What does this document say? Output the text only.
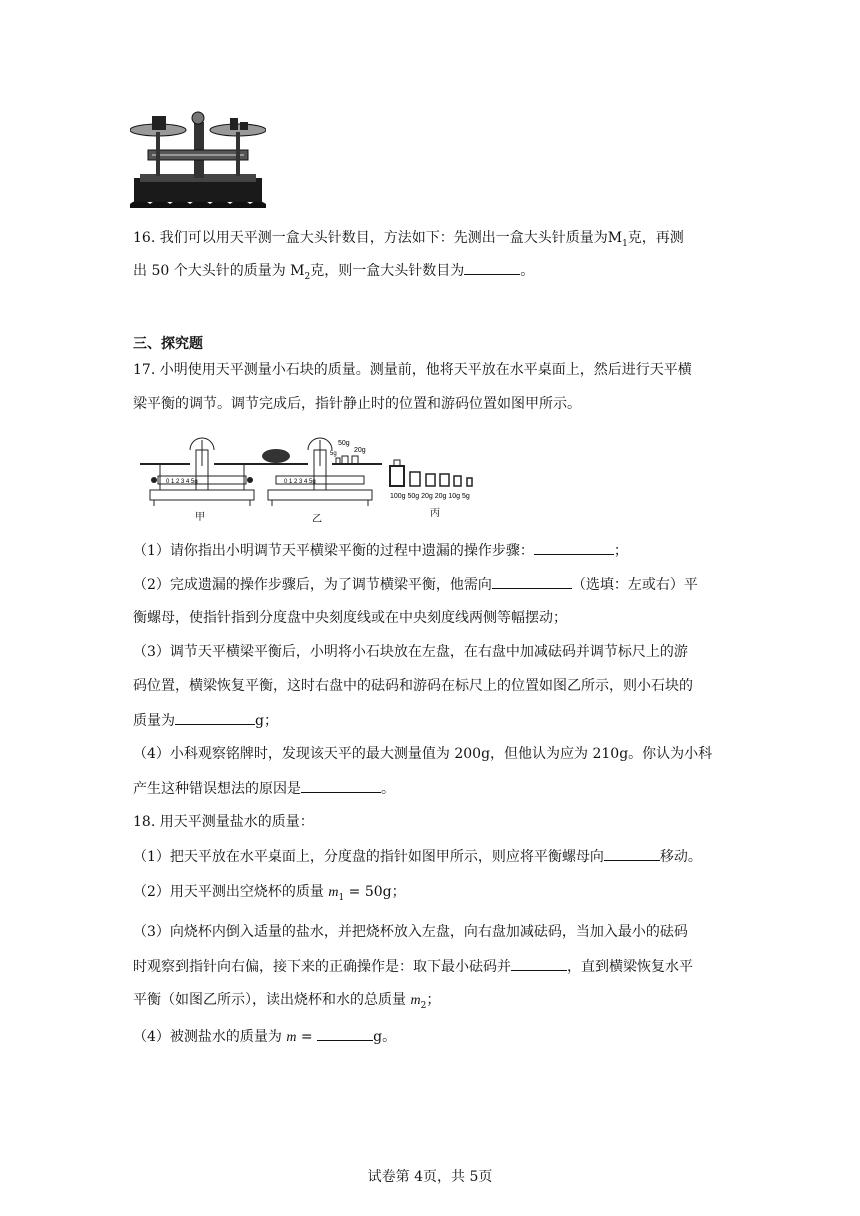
16. 我们可以用天平测一盒大头针数目，方法如下：先测出一盒大头针质量为$M_1$克，再测
出 50 个大头针的质量为 $M_2$克，则一盒大头针数目为	。
三、探究题
17. 小明使用天平测量小石块的质量。测量前，他将天平放在水平桌面上，然后进行天平横
梁平衡的调节。调节完成后，指针静止时的位置和游码位置如图甲所示。
0 1 2 3 4 5g
甲
0 1 2 3 4 5g
50g
20g
5g
乙
100g 50g 20g 20g 10g 5g
丙
（1）请你指出小明调节天平横梁平衡的过程中遗漏的操作步骤：	；
（2）完成遗漏的操作步骤后，为了调节横梁平衡，他需向	（选填：左或右）平
衡螺母，使指针指到分度盘中央刻度线或在中央刻度线两侧等幅摆动；
（3）调节天平横梁平衡后，小明将小石块放在左盘，在右盘中加减砝码并调节标尺上的游
码位置，横梁恢复平衡，这时右盘中的砝码和游码在标尺上的位置如图乙所示，则小石块的
质量为	g；
（4）小科观察铭牌时，发现该天平的最大测量值为 200g，但他认为应为 210g。你认为小科
产生这种错误想法的原因是	。
18. 用天平测量盐水的质量：
（1）把天平放在水平桌面上，分度盘的指针如图甲所示，则应将平衡螺母向	移动。
（2）用天平测出空烧杯的质量 $m_1 = 50g$；
（3）向烧杯内倒入适量的盐水，并把烧杯放入左盘，向右盘加减砝码，当加入最小的砝码
时观察到指针向右偏，接下来的正确操作是：取下最小砝码并	，直到横梁恢复水平
平衡（如图乙所示），读出烧杯和水的总质量 $m_2$；
（4）被测盐水的质量为 m =	g。
试卷第 4页，共 5页
